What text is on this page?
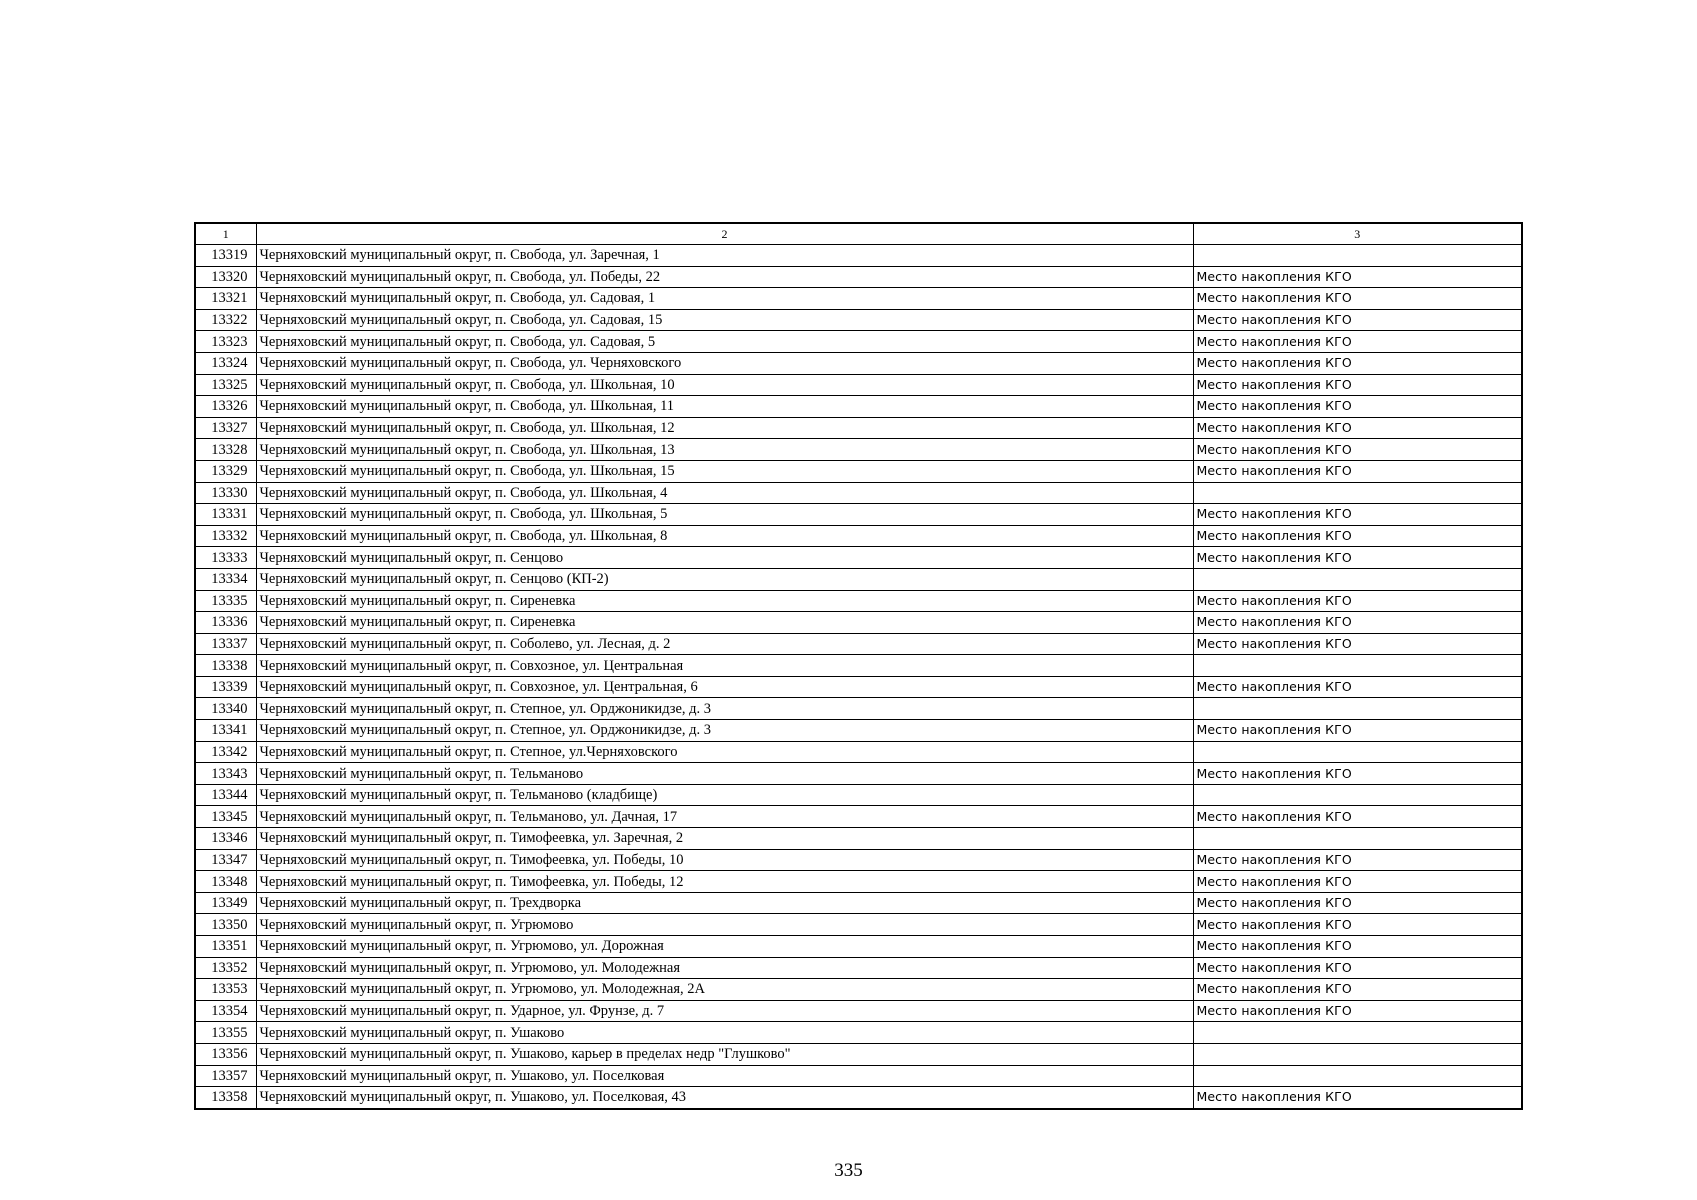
1	2	3
13319	Черняховский муниципальный округ, п. Свобода, ул. Заречная, 1	
13320	Черняховский муниципальный округ, п. Свобода, ул. Победы, 22	Место накопления КГО
13321	Черняховский муниципальный округ, п. Свобода, ул. Садовая, 1	Место накопления КГО
13322	Черняховский муниципальный округ, п. Свобода, ул. Садовая, 15	Место накопления КГО
13323	Черняховский муниципальный округ, п. Свобода, ул. Садовая, 5	Место накопления КГО
13324	Черняховский муниципальный округ, п. Свобода, ул. Черняховского	Место накопления КГО
13325	Черняховский муниципальный округ, п. Свобода, ул. Школьная, 10	Место накопления КГО
13326	Черняховский муниципальный округ, п. Свобода, ул. Школьная, 11	Место накопления КГО
13327	Черняховский муниципальный округ, п. Свобода, ул. Школьная, 12	Место накопления КГО
13328	Черняховский муниципальный округ, п. Свобода, ул. Школьная, 13	Место накопления КГО
13329	Черняховский муниципальный округ, п. Свобода, ул. Школьная, 15	Место накопления КГО
13330	Черняховский муниципальный округ, п. Свобода, ул. Школьная, 4	
13331	Черняховский муниципальный округ, п. Свобода, ул. Школьная, 5	Место накопления КГО
13332	Черняховский муниципальный округ, п. Свобода, ул. Школьная, 8	Место накопления КГО
13333	Черняховский муниципальный округ, п. Сенцово	Место накопления КГО
13334	Черняховский муниципальный округ, п. Сенцово (КП-2)	
13335	Черняховский муниципальный округ, п. Сиреневка	Место накопления КГО
13336	Черняховский муниципальный округ, п. Сиреневка	Место накопления КГО
13337	Черняховский муниципальный округ, п. Соболево, ул. Лесная, д. 2	Место накопления КГО
13338	Черняховский муниципальный округ, п. Совхозное, ул. Центральная	
13339	Черняховский муниципальный округ, п. Совхозное, ул. Центральная, 6	Место накопления КГО
13340	Черняховский муниципальный округ, п. Степное, ул. Орджоникидзе, д. 3	
13341	Черняховский муниципальный округ, п. Степное, ул. Орджоникидзе, д. 3	Место накопления КГО
13342	Черняховский муниципальный округ, п. Степное, ул.Черняховского	
13343	Черняховский муниципальный округ, п. Тельманово	Место накопления КГО
13344	Черняховский муниципальный округ, п. Тельманово (кладбище)	
13345	Черняховский муниципальный округ, п. Тельманово, ул. Дачная, 17	Место накопления КГО
13346	Черняховский муниципальный округ, п. Тимофеевка, ул. Заречная, 2	
13347	Черняховский муниципальный округ, п. Тимофеевка, ул. Победы, 10	Место накопления КГО
13348	Черняховский муниципальный округ, п. Тимофеевка, ул. Победы, 12	Место накопления КГО
13349	Черняховский муниципальный округ, п. Трехдворка	Место накопления КГО
13350	Черняховский муниципальный округ, п. Угрюмово	Место накопления КГО
13351	Черняховский муниципальный округ, п. Угрюмово, ул. Дорожная	Место накопления КГО
13352	Черняховский муниципальный округ, п. Угрюмово, ул. Молодежная	Место накопления КГО
13353	Черняховский муниципальный округ, п. Угрюмово, ул. Молодежная, 2А	Место накопления КГО
13354	Черняховский муниципальный округ, п. Ударное, ул. Фрунзе, д. 7	Место накопления КГО
13355	Черняховский муниципальный округ, п. Ушаково	
13356	Черняховский муниципальный округ, п. Ушаково, карьер в пределах недр "Глушково"	
13357	Черняховский муниципальный округ, п. Ушаково, ул. Поселковая	
13358	Черняховский муниципальный округ, п. Ушаково, ул. Поселковая, 43	Место накопления КГО
335
